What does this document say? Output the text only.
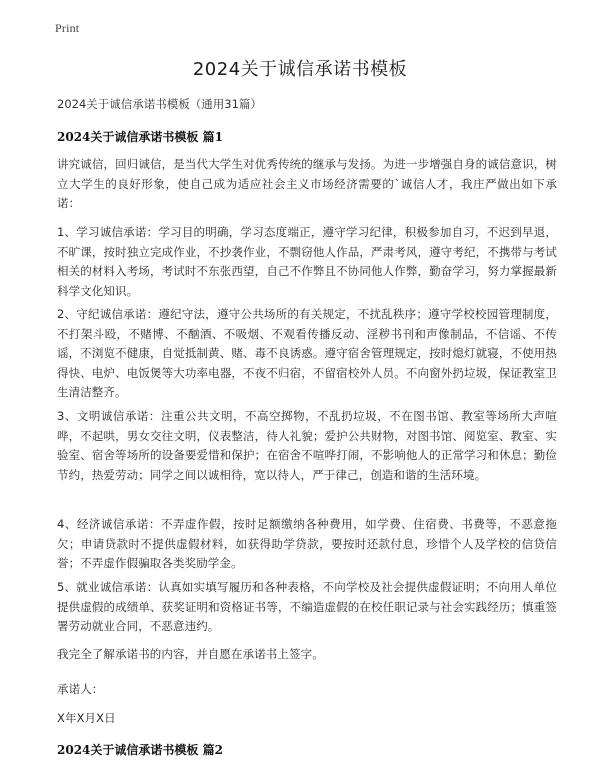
Print
2024关于诚信承诺书模板
2024关于诚信承诺书模板（通用31篇）
2024关于诚信承诺书模板 篇1

讲究诚信，回归诚信，是当代大学生对优秀传统的继承与发扬。为进一步增强自身的诚信意识，树立大学生的良好形象，使自己成为适应社会主义市场经济需要的`诚信人才，我庄严做出如下承诺：

1、学习诚信承诺：学习目的明确，学习态度端正，遵守学习纪律，积极参加自习，不迟到早退，不旷课，按时独立完成作业，不抄袭作业，不剽窃他人作品，严肃考风，遵守考纪，不携带与考试相关的材料入考场，考试时不东张西望，自己不作弊且不协同他人作弊，勤奋学习，努力掌握最新科学文化知识。

2、守纪诚信承诺：遵纪守法，遵守公共场所的有关规定，不扰乱秩序；遵守学校校园管理制度，不打架斗殴，不赌博、不酗酒、不吸烟、不观看传播反动、淫秽书刊和声像制品，不信谣、不传谣，不浏览不健康，自觉抵制黄、赌、毒不良诱惑。遵守宿舍管理规定，按时熄灯就寝，不使用热得快、电炉、电饭煲等大功率电器，不夜不归宿，不留宿校外人员。不向窗外扔垃圾，保证教室卫生清洁整齐。

3、文明诚信承诺：注重公共文明，不高空掷物，不乱扔垃圾，不在图书馆、教室等场所大声喧哗，不起哄，男女交往文明，仪表整洁，待人礼貌；爱护公共财物，对图书馆、阅览室、教室、实验室、宿舍等场所的设备要爱惜和保护；在宿舍不喧哗打闹，不影响他人的正常学习和休息；勤俭节约，热爱劳动；同学之间以诚相待，宽以待人，严于律己，创造和谐的生活环境。

4、经济诚信承诺：不弄虚作假，按时足额缴纳各种费用，如学费、住宿费、书费等，不恶意拖欠；申请贷款时不提供虚假材料，如获得助学贷款，要按时还款付息，珍惜个人及学校的信贷信誉；不弄虚作假骗取各类奖励学金。

5、就业诚信承诺：认真如实填写履历和各种表格，不向学校及社会提供虚假证明；不向用人单位提供虚假的成绩单、获奖证明和资格证书等，不编造虚假的在校任职记录与社会实践经历；慎重签署劳动就业合同，不恶意违约。

我完全了解承诺书的内容，并自愿在承诺书上签字。

承诺人：

X年X月X日

2024关于诚信承诺书模板 篇2
